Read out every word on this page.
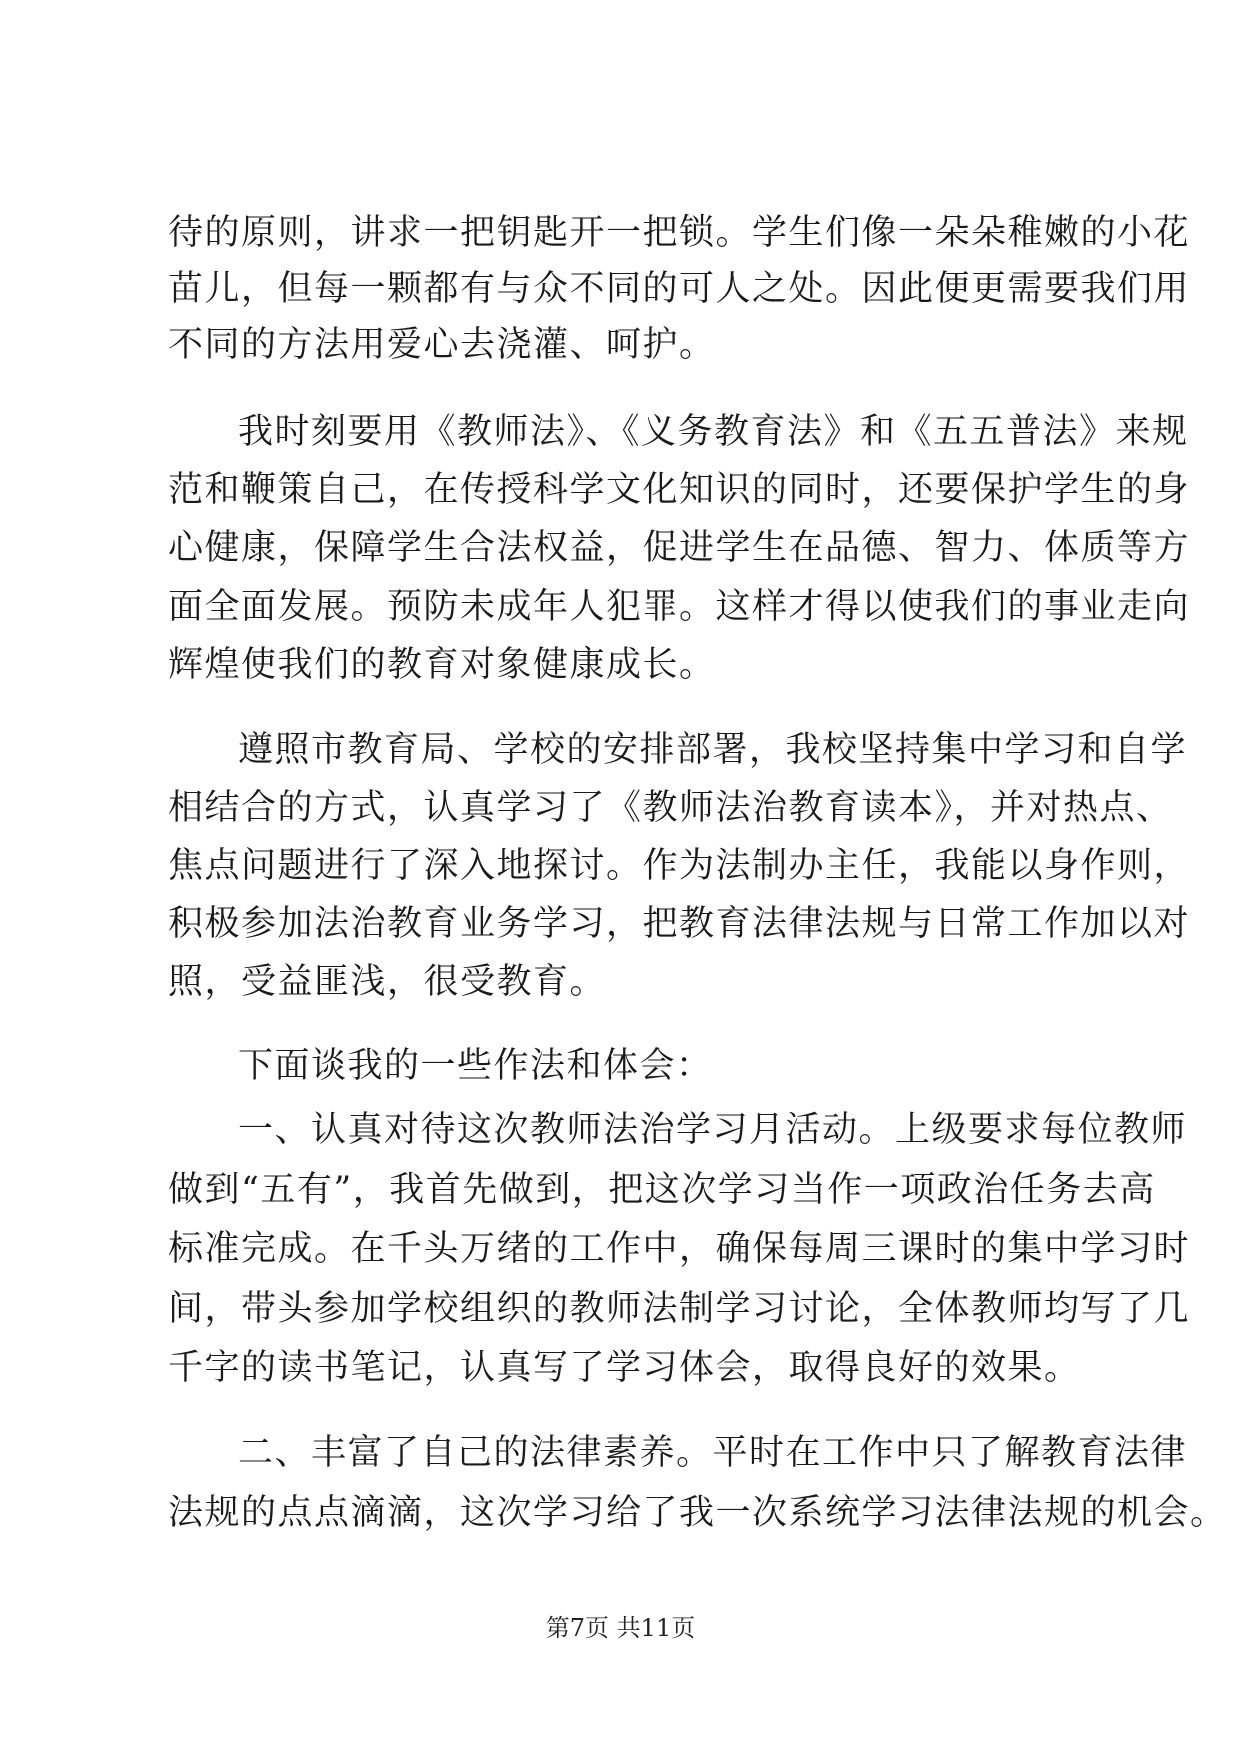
待的原则，讲求一把钥匙开一把锁。学生们像一朵朵稚嫩的小花
苗儿，但每一颗都有与众不同的可人之处。因此便更需要我们用
不同的方法用爱心去浇灌、呵护。
我时刻要用《教师法》、《义务教育法》和《五五普法》来规
范和鞭策自己，在传授科学文化知识的同时，还要保护学生的身
心健康，保障学生合法权益，促进学生在品德、智力、体质等方
面全面发展。预防未成年人犯罪。这样才得以使我们的事业走向
辉煌使我们的教育对象健康成长。
遵照市教育局、学校的安排部署，我校坚持集中学习和自学
相结合的方式，认真学习了《教师法治教育读本》，并对热点、
焦点问题进行了深入地探讨。作为法制办主任，我能以身作则，
积极参加法治教育业务学习，把教育法律法规与日常工作加以对
照，受益匪浅，很受教育。
下面谈我的一些作法和体会：
一、认真对待这次教师法治学习月活动。上级要求每位教师
做到“五有”，我首先做到，把这次学习当作一项政治任务去高
标准完成。在千头万绪的工作中，确保每周三课时的集中学习时
间，带头参加学校组织的教师法制学习讨论，全体教师均写了几
千字的读书笔记，认真写了学习体会，取得良好的效果。
二、丰富了自己的法律素养。平时在工作中只了解教育法律
法规的点点滴滴，这次学习给了我一次系统学习法律法规的机会。
第7页 共11页
